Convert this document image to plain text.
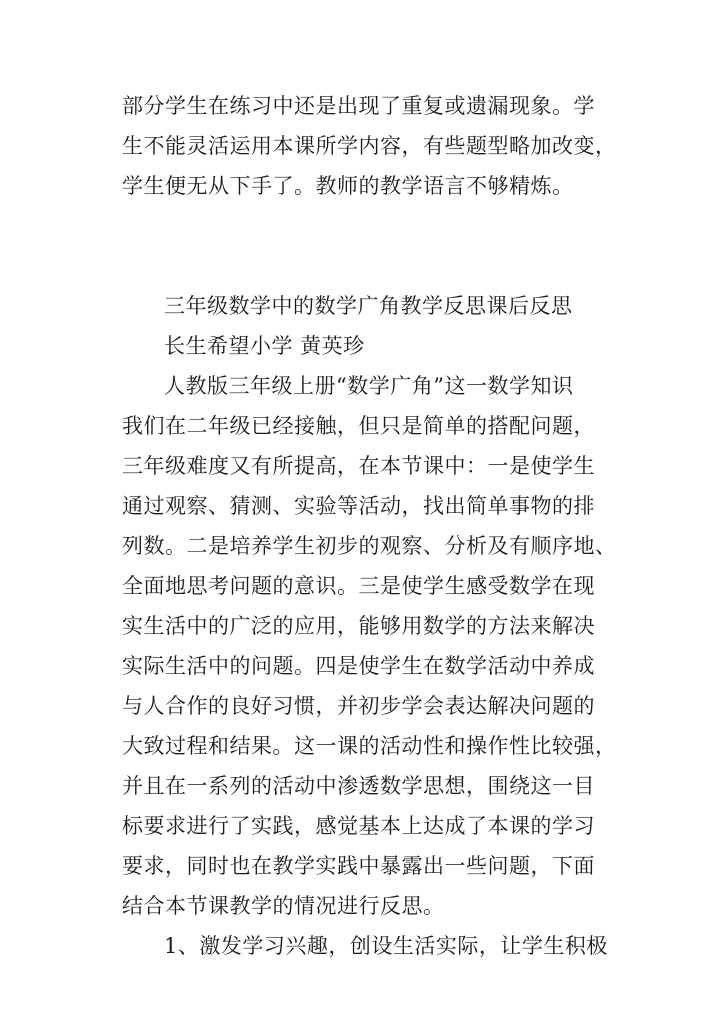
部分学生在练习中还是出现了重复或遗漏现象。学
生不能灵活运用本课所学内容，有些题型略加改变，
学生便无从下手了。教师的教学语言不够精炼。
三年级数学中的数学广角教学反思课后反思
长生希望小学 黄英珍
人教版三年级上册“数学广角”这一数学知识
我们在二年级已经接触，但只是简单的搭配问题，
三年级难度又有所提高，在本节课中：一是使学生
通过观察、猜测、实验等活动，找出简单事物的排
列数。二是培养学生初步的观察、分析及有顺序地、
全面地思考问题的意识。三是使学生感受数学在现
实生活中的广泛的应用，能够用数学的方法来解决
实际生活中的问题。四是使学生在数学活动中养成
与人合作的良好习惯，并初步学会表达解决问题的
大致过程和结果。这一课的活动性和操作性比较强，
并且在一系列的活动中渗透数学思想，围绕这一目
标要求进行了实践，感觉基本上达成了本课的学习
要求，同时也在教学实践中暴露出一些问题，下面
结合本节课教学的情况进行反思。
1、激发学习兴趣，创设生活实际，让学生积极
